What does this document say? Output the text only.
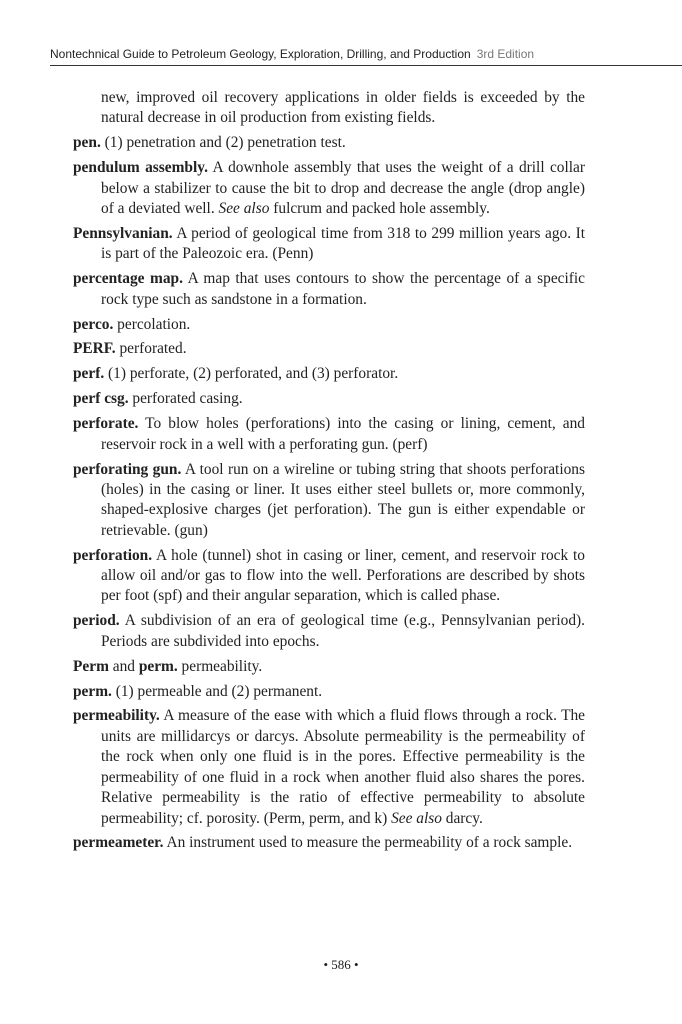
Nontechnical Guide to Petroleum Geology, Exploration, Drilling, and Production 3rd Edition

new, improved oil recovery applications in older fields is exceeded by the natural decrease in oil production from existing fields.

pen. (1) penetration and (2) penetration test.

pendulum assembly. A downhole assembly that uses the weight of a drill collar below a stabilizer to cause the bit to drop and decrease the angle (drop angle) of a deviated well. See also fulcrum and packed hole assembly.

Pennsylvanian. A period of geological time from 318 to 299 million years ago. It is part of the Paleozoic era. (Penn)

percentage map. A map that uses contours to show the percentage of a specific rock type such as sandstone in a formation.

perco. percolation.

PERF. perforated.

perf. (1) perforate, (2) perforated, and (3) perforator.

perf csg. perforated casing.

perforate. To blow holes (perforations) into the casing or lining, cement, and reservoir rock in a well with a perforating gun. (perf)

perforating gun. A tool run on a wireline or tubing string that shoots perforations (holes) in the casing or liner. It uses either steel bullets or, more commonly, shaped-explosive charges (jet perforation). The gun is either expendable or retrievable. (gun)

perforation. A hole (tunnel) shot in casing or liner, cement, and reservoir rock to allow oil and/or gas to flow into the well. Perforations are described by shots per foot (spf) and their angular separation, which is called phase.

period. A subdivision of an era of geological time (e.g., Pennsylvanian period). Periods are subdivided into epochs.

Perm and perm. permeability.

perm. (1) permeable and (2) permanent.

permeability. A measure of the ease with which a fluid flows through a rock. The units are millidarcys or darcys. Absolute permeability is the permeability of the rock when only one fluid is in the pores. Effective permeability is the permeability of one fluid in a rock when another fluid also shares the pores. Relative permeability is the ratio of effective permeability to absolute permeability; cf. porosity. (Perm, perm, and k) See also darcy.

permeameter. An instrument used to measure the permeability of a rock sample.

• 586 •
